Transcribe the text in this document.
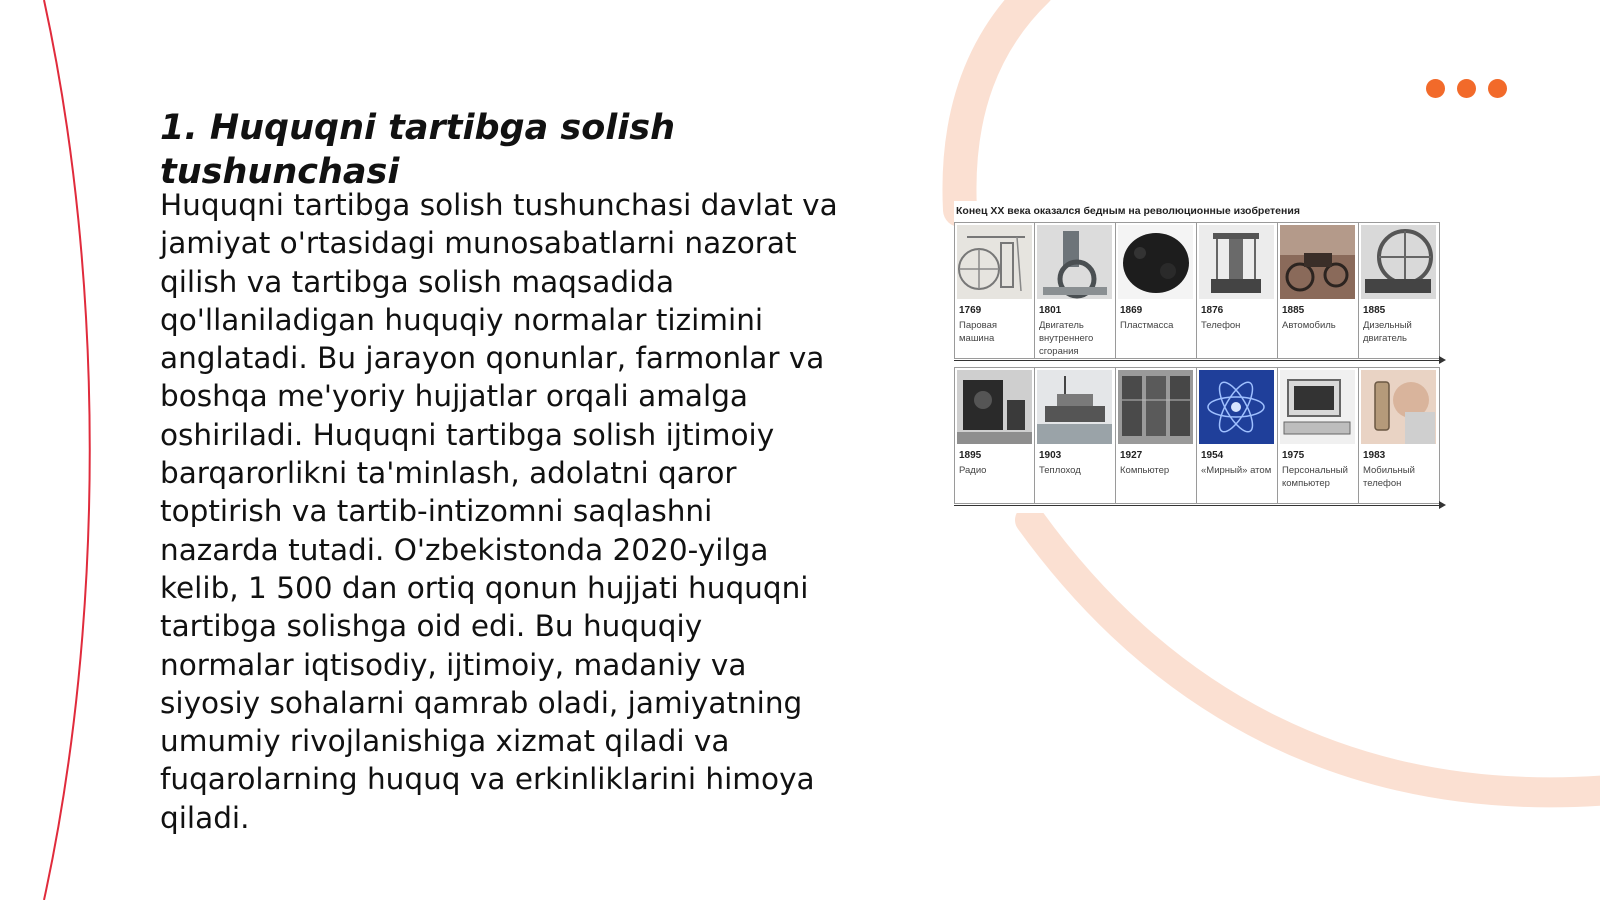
1. Huquqni tartibga solish tushunchasi

Huquqni tartibga solish tushunchasi davlat va jamiyat o'rtasidagi munosabatlarni nazorat qilish va tartibga solish maqsadida qo'llaniladigan huquqiy normalar tizimini anglatadi. Bu jarayon qonunlar, farmonlar va boshqa me'yoriy hujjatlar orqali amalga oshiriladi. Huquqni tartibga solish ijtimoiy barqarorlikni ta'minlash, adolatni qaror toptirish va tartib-intizomni saqlashni nazarda tutadi. O'zbekistonda 2020-yilga kelib, 1 500 dan ortiq qonun hujjati huquqni tartibga solishga oid edi. Bu huquqiy normalar iqtisodiy, ijtimoiy, madaniy va siyosiy sohalarni qamrab oladi, jamiyatning umumiy rivojlanishiga xizmat qiladi va fuqarolarning huquq va erkinliklarini himoya qiladi.

Конец XX века оказался бедным на революционные изобретения
1769
Паровая машина
1801
Двигатель внутреннего сгорания
1869
Пластмасса
1876
Телефон
1885
Автомобиль
1885
Дизельный двигатель
1895
Радио
1903
Теплоход
1927
Компьютер
1954
«Мирный» атом
1975
Персональный компьютер
1983
Мобильный телефон
